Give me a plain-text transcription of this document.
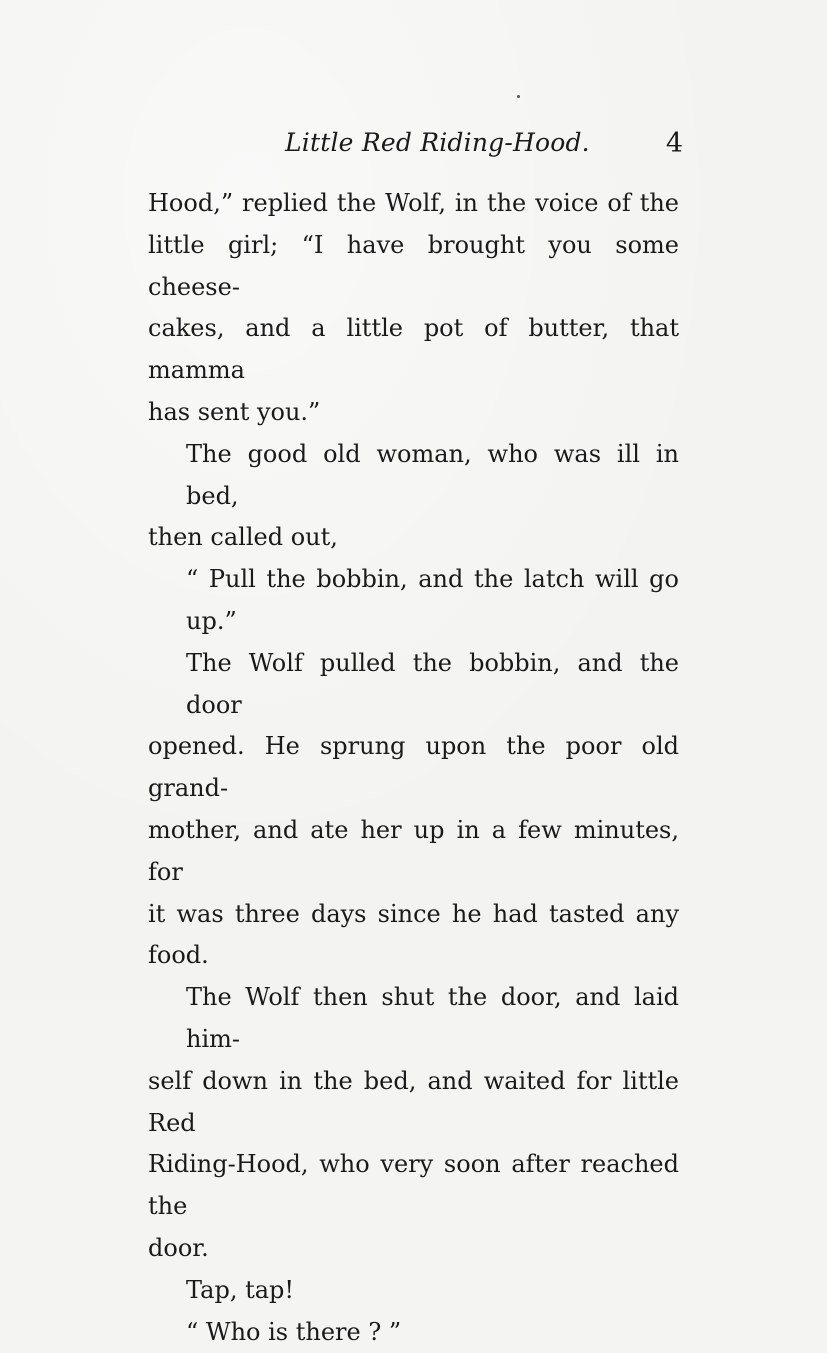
Little Red Riding-Hood.	4
Hood,” replied the Wolf, in the voice of the
little girl; “I have brought you some cheese-
cakes, and a little pot of butter, that mamma
has sent you.”
The good old woman, who was ill in bed,
then called out,
“ Pull the bobbin, and the latch will go up.”
The Wolf pulled the bobbin, and the door
opened. He sprung upon the poor old grand-
mother, and ate her up in a few minutes, for
it was three days since he had tasted any food.
The Wolf then shut the door, and laid him-
self down in the bed, and waited for little Red
Riding-Hood, who very soon after reached the
door.
Tap, tap!
“ Who is there ? ”
